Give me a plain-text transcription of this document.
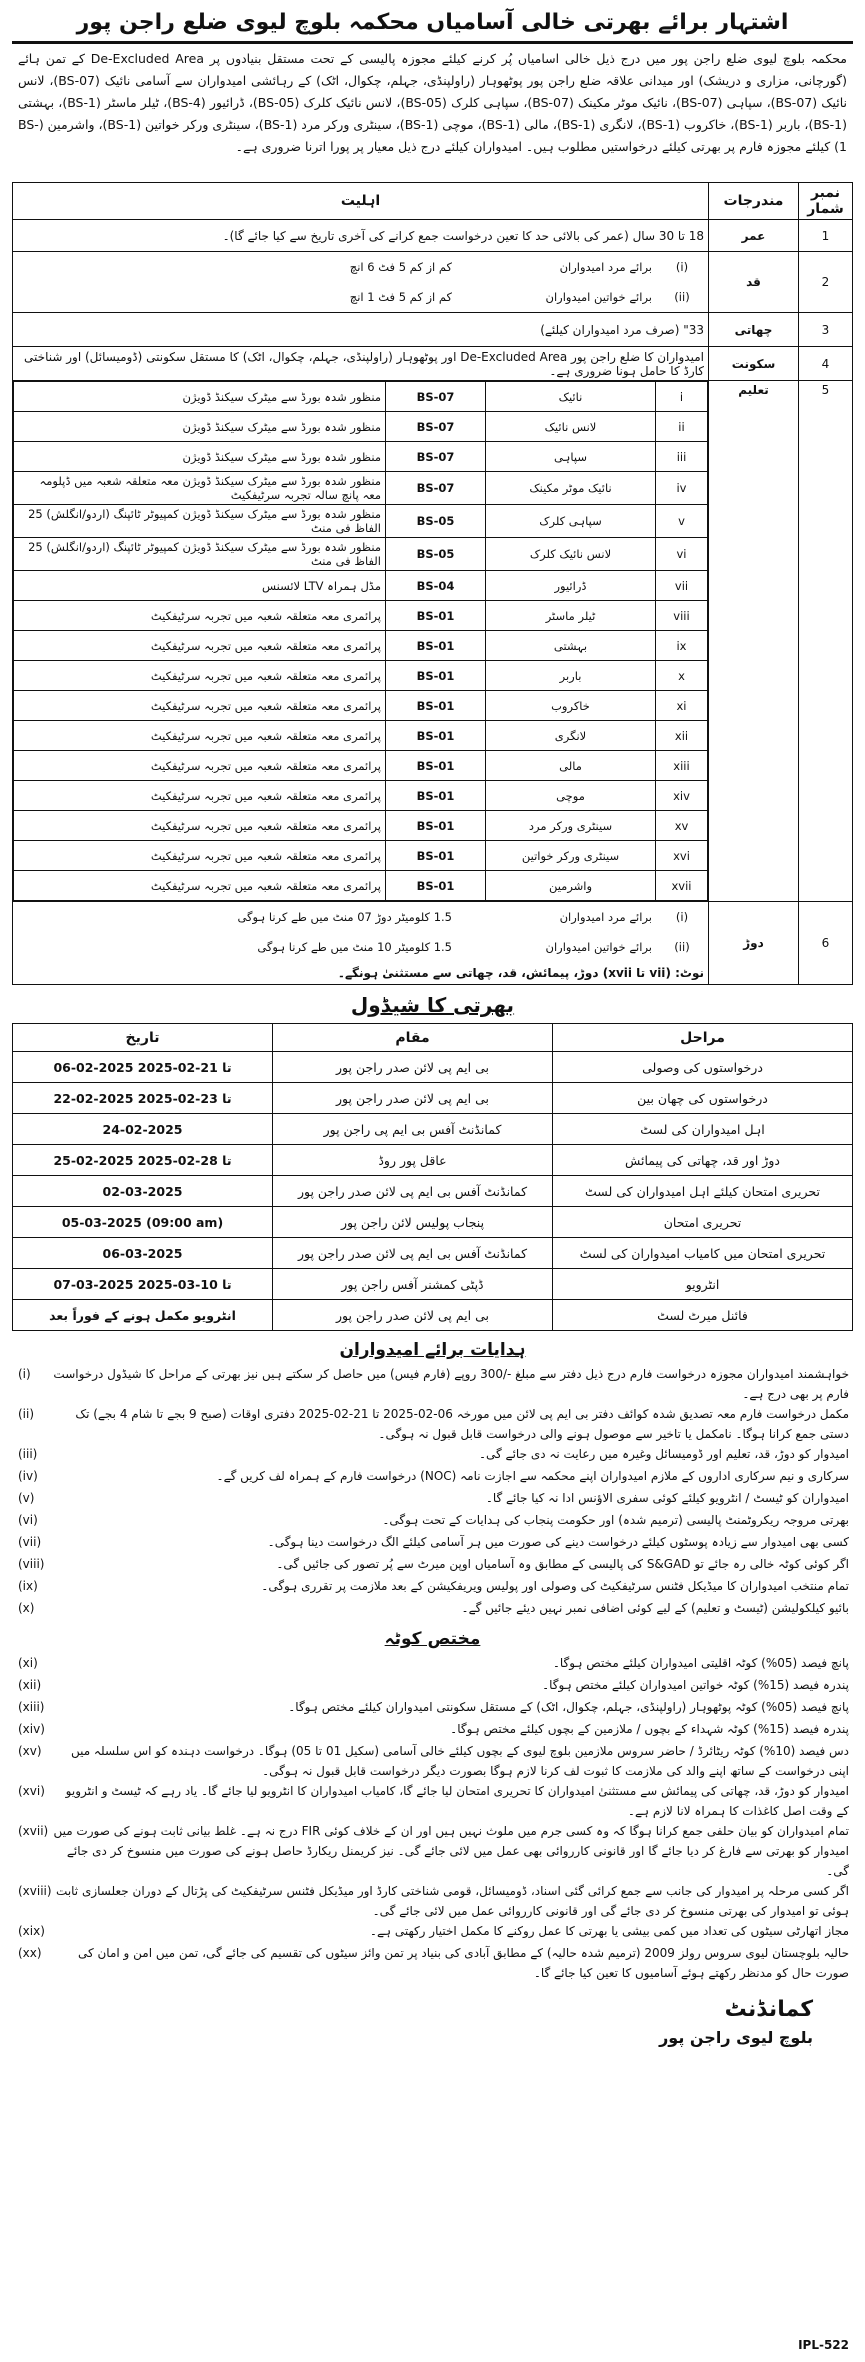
اشتہار برائے بھرتی خالی آسامیاں محکمہ بلوچ لیوی ضلع راجن پور
محکمہ بلوچ لیوی ضلع راجن پور میں درج ذیل خالی اسامیاں پُر کرنے کیلئے مجوزہ پالیسی کے تحت مستقل بنیادوں پر De-Excluded Area کے تمن ہائے (گورچانی، مزاری و دریشک) اور میدانی علاقہ ضلع راجن پور پوٹھوہار (راولپنڈی، جہلم، چکوال، اٹک) کے رہائشی امیدواران سے آسامی نائیک (BS-07)، لانس نائیک (BS-07)، سپاہی (BS-07)، نائیک موٹر مکینک (BS-07)، سپاہی کلرک (BS-05)، لانس نائیک کلرک (BS-05)، ڈرائیور (BS-4)، ٹیلر ماسٹر (BS-1)، بہشتی (BS-1)، باربر (BS-1)، خاکروب (BS-1)، لانگری (BS-1)، مالی (BS-1)، موچی (BS-1)، سینٹری ورکر مرد (BS-1)، سینٹری ورکر خواتین (BS-1)، واشرمین (BS-1) کیلئے مجوزہ فارم پر بھرتی کیلئے درخواستیں مطلوب ہیں۔ امیدواران کیلئے درج ذیل معیار پر پورا اترنا ضروری ہے۔
نمبر شمار	مندرجات	اہلیت
1	عمر	18 تا 30 سال (عمر کی بالائی حد کا تعین درخواست جمع کرانے کی آخری تاریخ سے کیا جائے گا)۔
2	قد	
(i)	برائے مرد امیدواران	کم از کم 5 فٹ 6 انچ
(ii)	برائے خواتین امیدواران	کم از کم 5 فٹ 1 انچ

3	چھاتی	33" (صرف مرد امیدواران کیلئے)
4	سکونت	امیدواران کا ضلع راجن پور De-Excluded Area اور پوٹھوہار (راولپنڈی، جہلم، چکوال، اٹک) کا مستقل سکونتی (ڈومیسائل) اور شناختی کارڈ کا حامل ہونا ضروری ہے۔
5	تعلیم	
i	نائیک	BS-07	منظور شدہ بورڈ سے میٹرک سیکنڈ ڈویژن
ii	لانس نائیک	BS-07	منظور شدہ بورڈ سے میٹرک سیکنڈ ڈویژن
iii	سپاہی	BS-07	منظور شدہ بورڈ سے میٹرک سیکنڈ ڈویژن
iv	نائیک موٹر مکینک	BS-07	منظور شدہ بورڈ سے میٹرک سیکنڈ ڈویژن معہ متعلقہ شعبہ میں ڈپلومہ معہ پانچ سالہ تجربہ سرٹیفکیٹ
v	سپاہی کلرک	BS-05	منظور شدہ بورڈ سے میٹرک سیکنڈ ڈویژن کمپیوٹر ٹائپنگ (اردو/انگلش) 25 الفاظ فی منٹ
vi	لانس نائیک کلرک	BS-05	منظور شدہ بورڈ سے میٹرک سیکنڈ ڈویژن کمپیوٹر ٹائپنگ (اردو/انگلش) 25 الفاظ فی منٹ
vii	ڈرائیور	BS-04	مڈل ہمراہ LTV لائسنس
viii	ٹیلر ماسٹر	BS-01	پرائمری معہ متعلقہ شعبہ میں تجربہ سرٹیفکیٹ
ix	بہشتی	BS-01	پرائمری معہ متعلقہ شعبہ میں تجربہ سرٹیفکیٹ
x	باربر	BS-01	پرائمری معہ متعلقہ شعبہ میں تجربہ سرٹیفکیٹ
xi	خاکروب	BS-01	پرائمری معہ متعلقہ شعبہ میں تجربہ سرٹیفکیٹ
xii	لانگری	BS-01	پرائمری معہ متعلقہ شعبہ میں تجربہ سرٹیفکیٹ
xiii	مالی	BS-01	پرائمری معہ متعلقہ شعبہ میں تجربہ سرٹیفکیٹ
xiv	موچی	BS-01	پرائمری معہ متعلقہ شعبہ میں تجربہ سرٹیفکیٹ
xv	سینٹری ورکر مرد	BS-01	پرائمری معہ متعلقہ شعبہ میں تجربہ سرٹیفکیٹ
xvi	سینٹری ورکر خواتین	BS-01	پرائمری معہ متعلقہ شعبہ میں تجربہ سرٹیفکیٹ
xvii	واشرمین	BS-01	پرائمری معہ متعلقہ شعبہ میں تجربہ سرٹیفکیٹ

6	دوڑ	
(i)	برائے مرد امیدواران	1.5 کلومیٹر دوڑ 07 منٹ میں طے کرنا ہوگی
(ii)	برائے خواتین امیدواران	1.5 کلومیٹر 10 منٹ میں طے کرنا ہوگی
نوٹ: (vii تا xvii) دوڑ، پیمائش، قد، چھاتی سے مستثنیٰ ہونگے۔
بھرتی کا شیڈول
مراحل	مقام	تاریخ
درخواستوں کی وصولی	بی ایم پی لائن صدر راجن پور	06-02-2025 تا 21-02-2025
درخواستوں کی چھان بین	بی ایم پی لائن صدر راجن پور	22-02-2025 تا 23-02-2025
اہل امیدواران کی لسٹ	کمانڈنٹ آفس بی ایم پی راجن پور	24-02-2025
دوڑ اور قد، چھاتی کی پیمائش	عاقل پور روڈ	25-02-2025 تا 28-02-2025
تحریری امتحان کیلئے اہل امیدواران کی لسٹ	کمانڈنٹ آفس بی ایم پی لائن صدر راجن پور	02-03-2025
تحریری امتحان	پنجاب پولیس لائن راجن پور	05-03-2025 (09:00 am)
تحریری امتحان میں کامیاب امیدواران کی لسٹ	کمانڈنٹ آفس بی ایم پی لائن صدر راجن پور	06-03-2025
انٹرویو	ڈپٹی کمشنر آفس راجن پور	07-03-2025 تا 10-03-2025
فائنل میرٹ لسٹ	بی ایم پی لائن صدر راجن پور	انٹرویو مکمل ہونے کے فوراً بعد
ہدایات برائے امیدواران
خواہشمند امیدواران مجوزہ درخواست فارم درج ذیل دفتر سے مبلغ -/300 روپے (فارم فیس) میں حاصل کر سکتے ہیں نیز بھرتی کے مراحل کا شیڈول درخواست فارم پر بھی درج ہے۔
(i)
مکمل درخواست فارم معہ تصدیق شدہ کوائف دفتر بی ایم پی لائن میں مورخہ 06-02-2025 تا 21-02-2025 دفتری اوقات (صبح 9 بجے تا شام 4 بجے) تک دستی جمع کرانا ہوگا۔ نامکمل یا تاخیر سے موصول ہونے والی درخواست قابل قبول نہ ہوگی۔
(ii)
امیدوار کو دوڑ، قد، تعلیم اور ڈومیسائل وغیرہ میں رعایت نہ دی جائے گی۔
(iii)
سرکاری و نیم سرکاری اداروں کے ملازم امیدواران اپنے محکمہ سے اجازت نامہ (NOC) درخواست فارم کے ہمراہ لف کریں گے۔
(iv)
امیدواران کو ٹیسٹ / انٹرویو کیلئے کوئی سفری الاؤنس ادا نہ کیا جائے گا۔
(v)
بھرتی مروجہ ریکروٹمنٹ پالیسی (ترمیم شدہ) اور حکومت پنجاب کی ہدایات کے تحت ہوگی۔
(vi)
کسی بھی امیدوار سے زیادہ پوسٹوں کیلئے درخواست دینے کی صورت میں ہر آسامی کیلئے الگ درخواست دینا ہوگی۔
(vii)
اگر کوئی کوٹہ خالی رہ جائے تو S&GAD کی پالیسی کے مطابق وہ آسامیاں اوپن میرٹ سے پُر تصور کی جائیں گی۔
(viii)
تمام منتخب امیدواران کا میڈیکل فٹنس سرٹیفکیٹ کی وصولی اور پولیس ویریفکیشن کے بعد ملازمت پر تقرری ہوگی۔
(ix)
بائیو کیلکولیشن (ٹیسٹ و تعلیم) کے لیے کوئی اضافی نمبر نہیں دیئے جائیں گے۔
(x)
مختص کوٹہ
پانچ فیصد (05%) کوٹہ اقلیتی امیدواران کیلئے مختص ہوگا۔
(xi)
پندرہ فیصد (15%) کوٹہ خواتین امیدواران کیلئے مختص ہوگا۔
(xii)
پانچ فیصد (05%) کوٹہ پوٹھوہار (راولپنڈی، جہلم، چکوال، اٹک) کے مستقل سکونتی امیدواران کیلئے مختص ہوگا۔
(xiii)
پندرہ فیصد (15%) کوٹہ شہداء کے بچوں / ملازمین کے بچوں کیلئے مختص ہوگا۔
(xiv)
دس فیصد (10%) کوٹہ ریٹائرڈ / حاضر سروس ملازمین بلوچ لیوی کے بچوں کیلئے خالی آسامی (سکیل 01 تا 05) ہوگا۔ درخواست دہندہ کو اس سلسلہ میں اپنی درخواست کے ساتھ اپنے والد کی ملازمت کا ثبوت لف کرنا لازم ہوگا بصورت دیگر درخواست قابل قبول نہ ہوگی۔
(xv)
امیدوار کو دوڑ، قد، چھاتی کی پیمائش سے مستثنیٰ امیدواران کا تحریری امتحان لیا جائے گا، کامیاب امیدواران کا انٹرویو لیا جائے گا۔ یاد رہے کہ ٹیسٹ و انٹرویو کے وقت اصل کاغذات کا ہمراہ لانا لازم ہے۔
(xvi)
تمام امیدواران کو بیان حلفی جمع کرانا ہوگا کہ وہ کسی جرم میں ملوث نہیں ہیں اور ان کے خلاف کوئی FIR درج نہ ہے۔ غلط بیانی ثابت ہونے کی صورت میں امیدوار کو بھرتی سے فارغ کر دیا جائے گا اور قانونی کارروائی بھی عمل میں لائی جائے گی۔ نیز کریمنل ریکارڈ حاصل ہونے کی صورت میں منسوخ کر دی جائے گی۔
(xvii)
اگر کسی مرحلہ پر امیدوار کی جانب سے جمع کرائی گئی اسناد، ڈومیسائل، قومی شناختی کارڈ اور میڈیکل فٹنس سرٹیفکیٹ کی پڑتال کے دوران جعلسازی ثابت ہوئی تو امیدوار کی بھرتی منسوخ کر دی جائے گی اور قانونی کارروائی عمل میں لائی جائے گی۔
(xviii)
مجاز اتھارٹی سیٹوں کی تعداد میں کمی بیشی یا بھرتی کا عمل روکنے کا مکمل اختیار رکھتی ہے۔
(xix)
حالیہ بلوچستان لیوی سروس رولز 2009 (ترمیم شدہ حالیہ) کے مطابق آبادی کی بنیاد پر تمن وائز سیٹوں کی تقسیم کی جائے گی، تمن میں امن و امان کی صورت حال کو مدنظر رکھتے ہوئے آسامیوں کا تعین کیا جائے گا۔
(xx)
کمانڈنٹ
بلوچ لیوی راجن پور
IPL-522
